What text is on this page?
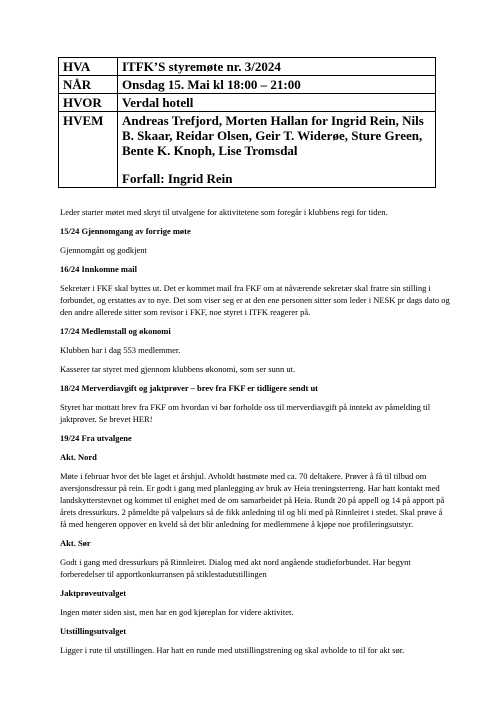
HVA	ITFK’S styremøte nr. 3/2024
NÅR	Onsdag 15. Mai kl 18:00 – 21:00
HVOR	Verdal hotell
HVEM	Andreas Trefjord, Morten Hallan for Ingrid Rein, Nils B. Skaar, Reidar Olsen, Geir T. Widerøe, Sture Green, Bente K. Knoph, Lise Tromsdal
Forfall: Ingrid Rein

Leder starter møtet med skryt til utvalgene for aktivitetene som foregår i klubbens regi for tiden.

15/24 Gjennomgang av forrige møte

Gjennomgått og godkjent

16/24 Innkomne mail

Sekretær i FKF skal byttes ut. Det er kommet mail fra FKF om at nåværende sekretær skal fratre sin stilling i forbundet, og erstattes av to nye. Det som viser seg er at den ene personen sitter som leder i NESK pr dags dato og den andre allerede sitter som revisor i FKF, noe styret i ITFK reagerer på.

17/24 Medlemstall og økonomi

Klubben har i dag 553 medlemmer.

Kasserer tar styret med gjennom klubbens økonomi, som ser sunn ut.

18/24 Merverdiavgift og jaktprøver – brev fra FKF er tidligere sendt ut

Styret har mottatt brev fra FKF om hvordan vi bør forholde oss til merverdiavgift på inntekt av påmelding til jaktprøver. Se brevet HER!

19/24 Fra utvalgene
Akt. Nord

Møte i februar hvor det ble laget et årshjul. Avholdt høstmøte med ca. 70 deltakere. Prøver å få til tilbud om aversjonsdressur på rein. Er godt i gang med planlegging av bruk av Heia treningsterreng. Har hatt kontakt med landskytterstevnet og kommet til enighet med de om samarbeidet på Heia. Rundt 20 på appell og 14 på apport på årets dressurkurs. 2 påmeldte på valpekurs så de fikk anledning til og bli med på Rinnleiret i stedet. Skal prøve å få med hengeren oppover en kveld så det blir anledning for medlemmene å kjøpe noe profileringsutstyr.

Akt. Sør

Godt i gang med dressurkurs på Rinnleiret. Dialog med akt nord angående studieforbundet. Har begynt forberedelser til apportkonkurransen på stiklestadutstillingen

Jaktprøveutvalget

Ingen møter siden sist, men har en god kjøreplan for videre aktivitet.

Utstillingsutvalget

Ligger i rute til utstillingen. Har hatt en runde med utstillingstrening og skal avholde to til for akt sør.
